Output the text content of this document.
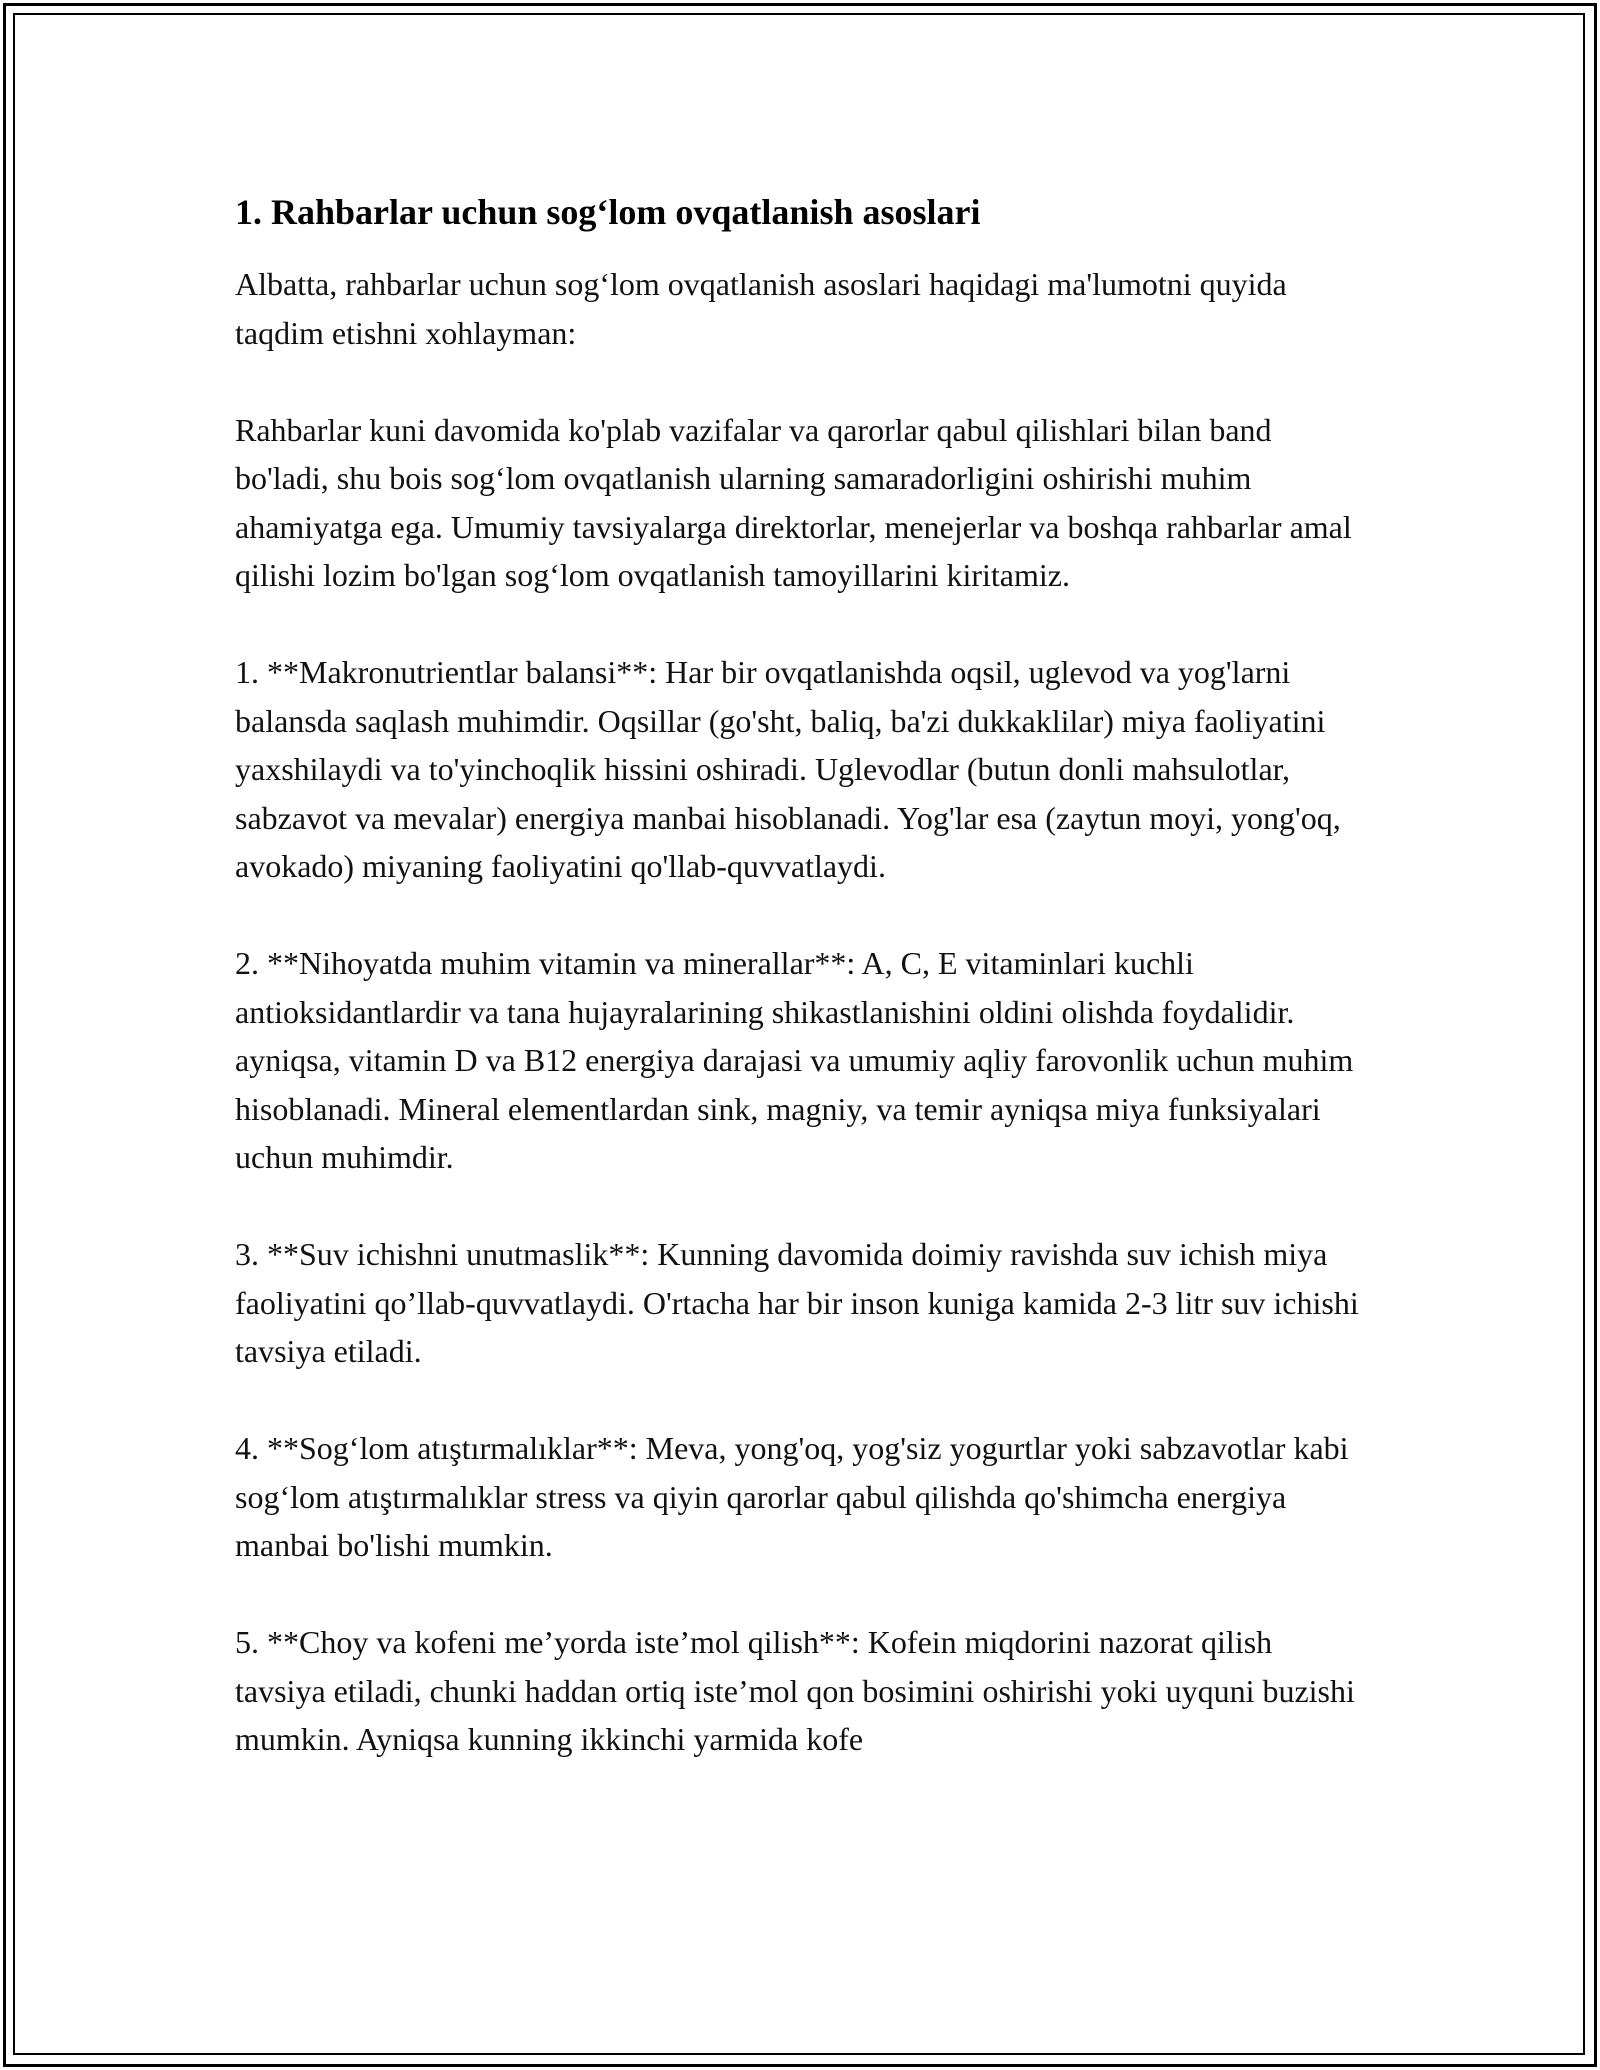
1. Rahbarlar uchun sog‘lom ovqatlanish asoslari

Albatta, rahbarlar uchun sog‘lom ovqatlanish asoslari haqidagi ma'lumotni quyida taqdim etishni xohlayman:

Rahbarlar kuni davomida ko'plab vazifalar va qarorlar qabul qilishlari bilan band bo'ladi, shu bois sog‘lom ovqatlanish ularning samaradorligini oshirishi muhim ahamiyatga ega. Umumiy tavsiyalarga direktorlar, menejerlar va boshqa rahbarlar amal qilishi lozim bo'lgan sog‘lom ovqatlanish tamoyillarini kiritamiz.

1. **Makronutrientlar balansi**: Har bir ovqatlanishda oqsil, uglevod va yog'larni balansda saqlash muhimdir. Oqsillar (go'sht, baliq, ba'zi dukkaklilar) miya faoliyatini yaxshilaydi va to'yinchoqlik hissini oshiradi. Uglevodlar (butun donli mahsulotlar, sabzavot va mevalar) energiya manbai hisoblanadi. Yog'lar esa (zaytun moyi, yong'oq, avokado) miyaning faoliyatini qo'llab-quvvatlaydi.

2. **Nihoyatda muhim vitamin va minerallar**: A, C, E vitaminlari kuchli antioksidantlardir va tana hujayralarining shikastlanishini oldini olishda foydalidir. ayniqsa, vitamin D va B12 energiya darajasi va umumiy aqliy farovonlik uchun muhim hisoblanadi. Mineral elementlardan sink, magniy, va temir ayniqsa miya funksiyalari uchun muhimdir.

3. **Suv ichishni unutmaslik**: Kunning davomida doimiy ravishda suv ichish miya faoliyatini qo’llab-quvvatlaydi. O'rtacha har bir inson kuniga kamida 2-3 litr suv ichishi tavsiya etiladi.

4. **Sog‘lom atıştırmalıklar**: Meva, yong'oq, yog'siz yogurtlar yoki sabzavotlar kabi sog‘lom atıştırmalıklar stress va qiyin qarorlar qabul qilishda qo'shimcha energiya manbai bo'lishi mumkin.

5. **Choy va kofeni me’yorda iste’mol qilish**: Kofein miqdorini nazorat qilish tavsiya etiladi, chunki haddan ortiq iste’mol qon bosimini oshirishi yoki uyquni buzishi mumkin. Ayniqsa kunning ikkinchi yarmida kofe
